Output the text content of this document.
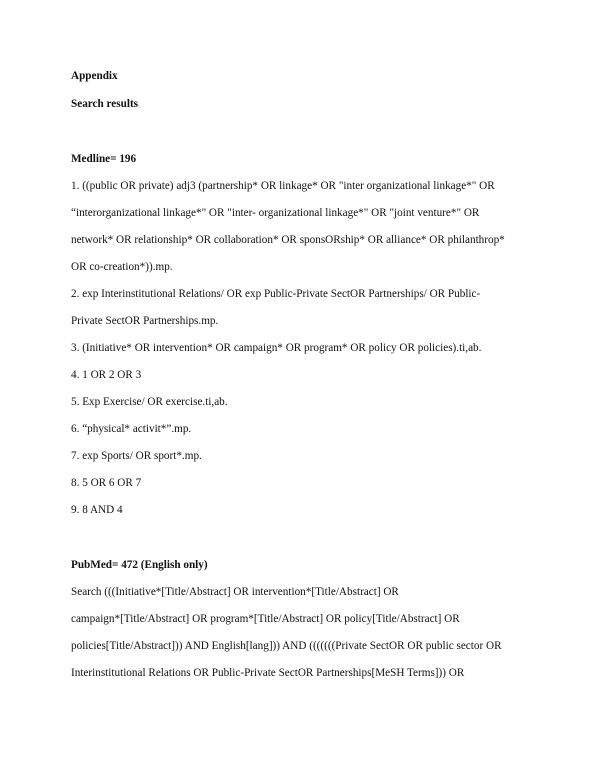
Appendix
Search results
Medline= 196
1. ((public OR private) adj3 (partnership* OR linkage* OR "inter organizational linkage*" OR
“interorganizational linkage*" OR "inter- organizational linkage*" OR "joint venture*" OR
network* OR relationship* OR collaboration* OR sponsORship* OR alliance* OR philanthrop*
OR co-creation*)).mp.
2. exp Interinstitutional Relations/ OR exp Public-Private SectOR Partnerships/ OR Public-
Private SectOR Partnerships.mp.
3. (Initiative* OR intervention* OR campaign* OR program* OR policy OR policies).ti,ab.
4. 1 OR 2 OR 3
5. Exp Exercise/ OR exercise.ti,ab.
6. “physical* activit*”.mp.
7. exp Sports/ OR sport*.mp.
8. 5 OR 6 OR 7
9. 8 AND 4
PubMed= 472 (English only)
Search (((Initiative*[Title/Abstract] OR intervention*[Title/Abstract] OR
campaign*[Title/Abstract] OR program*[Title/Abstract] OR policy[Title/Abstract] OR
policies[Title/Abstract])) AND English[lang])) AND (((((((Private SectOR OR public sector OR
Interinstitutional Relations OR Public-Private SectOR Partnerships[MeSH Terms])) OR
